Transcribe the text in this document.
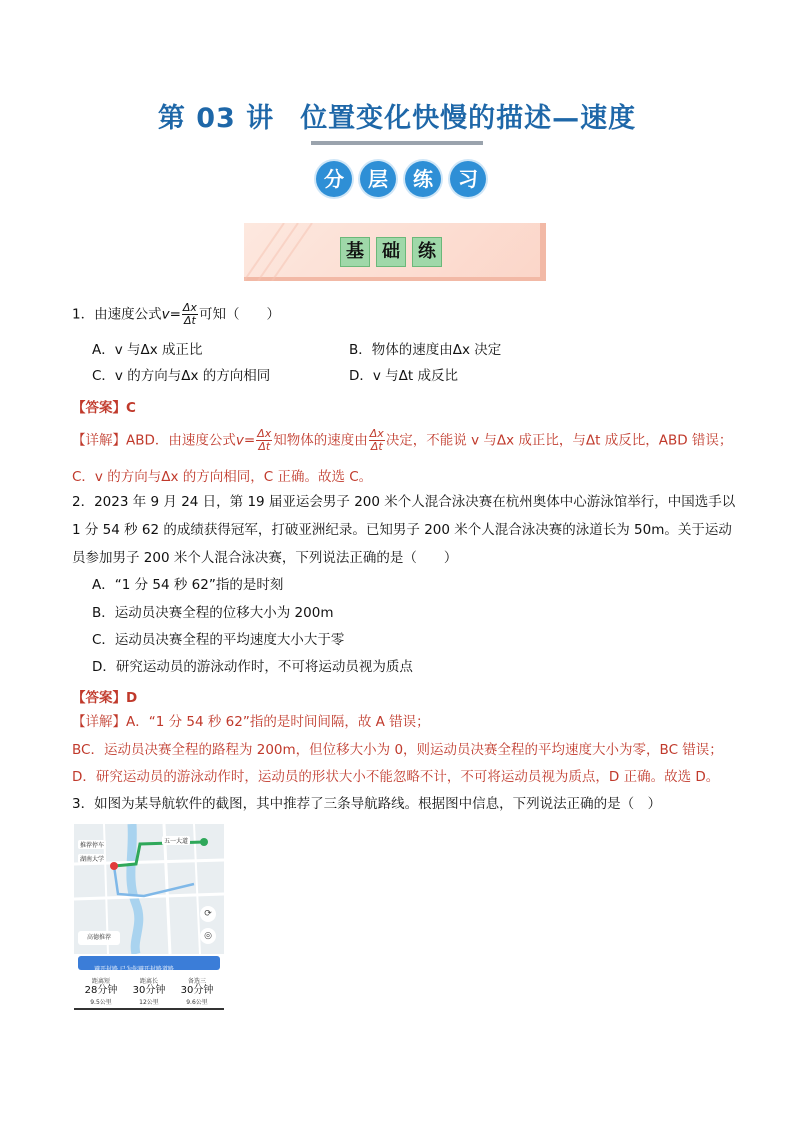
第 03 讲 位置变化快慢的描述—速度
分	层	练	习
基	础	练
1．由速度公式$v= \frac{\Delta x}{\Delta t}$ 可知（　　）
A．v 与Δx 成正比	B．物体的速度由Δx 决定
C．v 的方向与Δx 的方向相同	D．v 与Δt 成反比
【答案】C
【详解】ABD．由速度公式$v= \frac{\Delta x}{\Delta t}$ 知物体的速度由 $\frac{\Delta x}{\Delta t}$ 决定，不能说 v 与Δx 成正比，与Δt 成反比，ABD 错误；
C．v 的方向与Δx 的方向相同，C 正确。故选 C。
2．2023 年 9 月 24 日，第 19 届亚运会男子 200 米个人混合泳决赛在杭州奥体中心游泳馆举行，中国选手以
1 分 54 秒 62 的成绩获得冠军，打破亚洲纪录。已知男子 200 米个人混合泳决赛的泳道长为 50m。关于运动
员参加男子 200 米个人混合泳决赛，下列说法正确的是（　　）
A．“1 分 54 秒 62”指的是时刻
B．运动员决赛全程的位移大小为 200m
C．运动员决赛全程的平均速度大小大于零
D．研究运动员的游泳动作时，不可将运动员视为质点
【答案】D
【详解】A．“1 分 54 秒 62”指的是时间间隔，故 A 错误；
BC．运动员决赛全程的路程为 200m，但位移大小为 0，则运动员决赛全程的平均速度大小为零，BC 错误；
D．研究运动员的游泳动作时，运动员的形状大小不能忽略不计，不可将运动员视为质点，D 正确。故选 D。
3．如图为某导航软件的截图，其中推荐了三条导航路线。根据图中信息，下列说法正确的是（　）
推荐停车
湖南大学
五一大道
高德推荐
⟳
◎
避开封路 已为你避开封路道路
距离短
28分钟
9.5公里
距离长
30分钟
12公里
备选三
30分钟
9.6公里
